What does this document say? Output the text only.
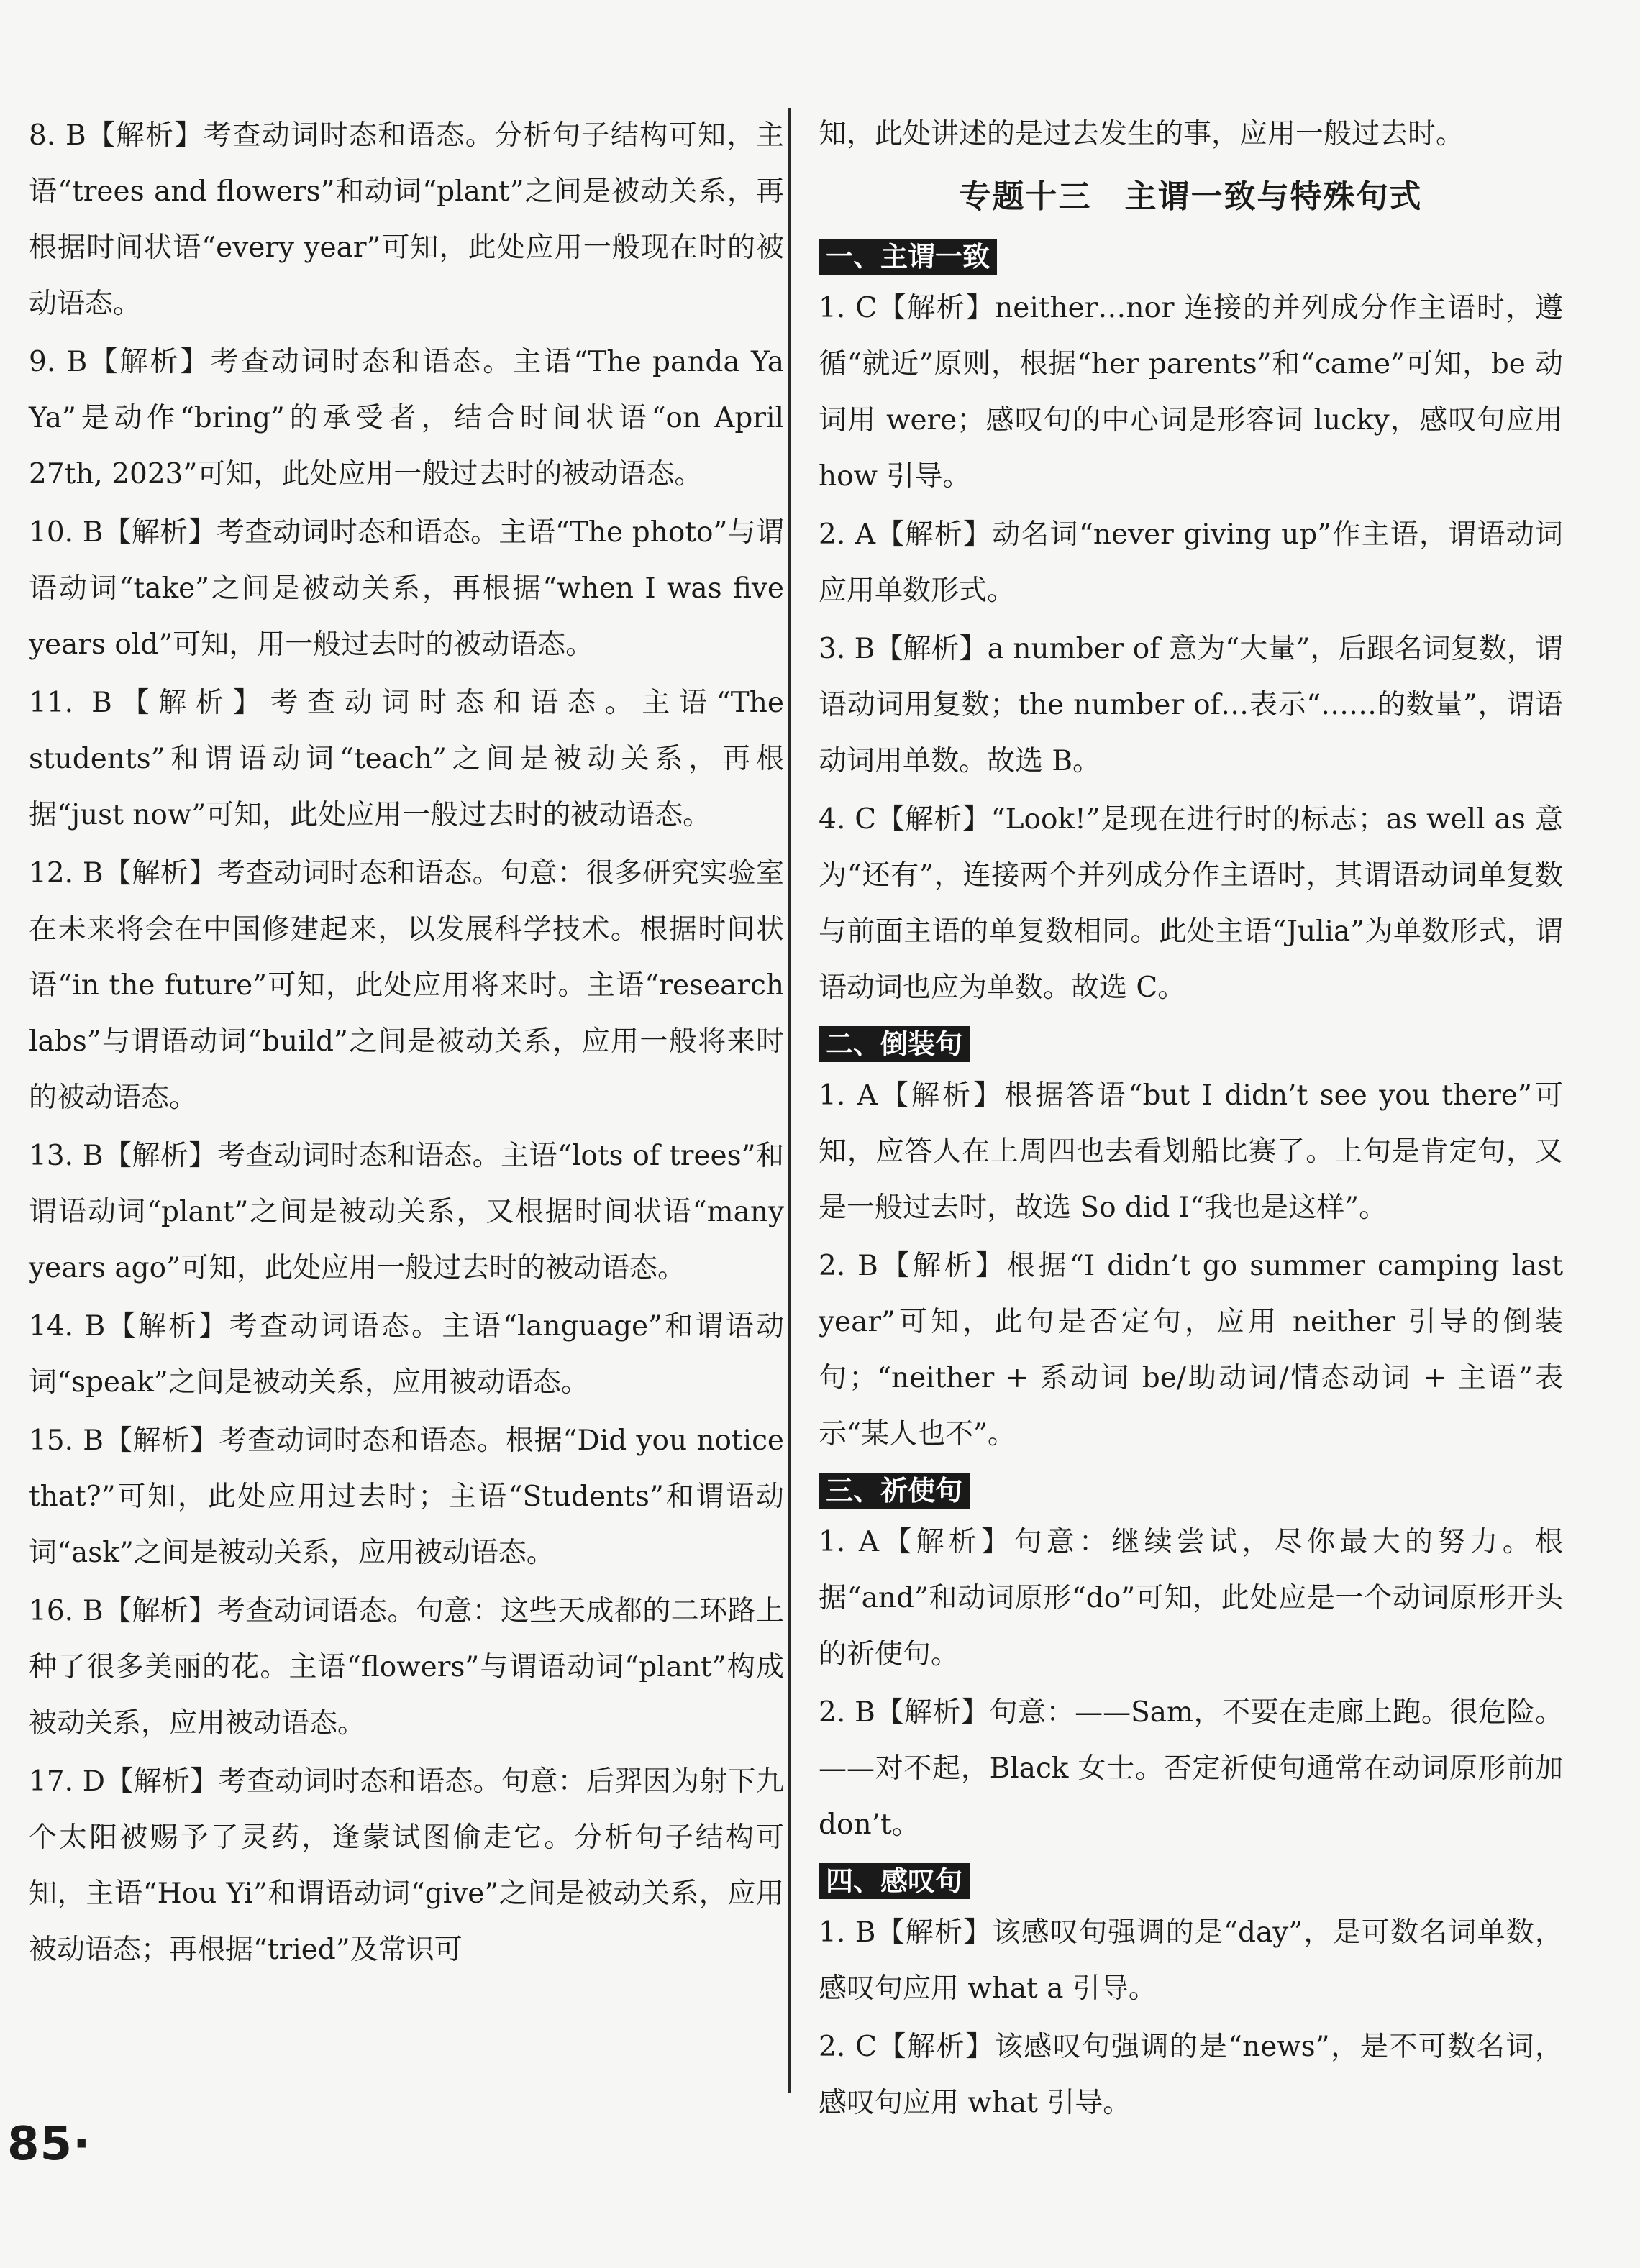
8. B【解析】考查动词时态和语态。分析句子结构可知，主语“trees and flowers”和动词“plant”之间是被动关系，再根据时间状语“every year”可知，此处应用一般现在时的被动语态。

9. B【解析】考查动词时态和语态。主语“The panda Ya Ya”是动作“bring”的承受者，结合时间状语“on April 27th, 2023”可知，此处应用一般过去时的被动语态。

10. B【解析】考查动词时态和语态。主语“The photo”与谓语动词“take”之间是被动关系，再根据“when I was five years old”可知，用一般过去时的被动语态。

11. B【解析】考查动词时态和语态。主语“The students”和谓语动词“teach”之间是被动关系，再根据“just now”可知，此处应用一般过去时的被动语态。

12. B【解析】考查动词时态和语态。句意：很多研究实验室在未来将会在中国修建起来，以发展科学技术。根据时间状语“in the future”可知，此处应用将来时。主语“research labs”与谓语动词“build”之间是被动关系，应用一般将来时的被动语态。

13. B【解析】考查动词时态和语态。主语“lots of trees”和谓语动词“plant”之间是被动关系，又根据时间状语“many years ago”可知，此处应用一般过去时的被动语态。

14. B【解析】考查动词语态。主语“language”和谓语动词“speak”之间是被动关系，应用被动语态。

15. B【解析】考查动词时态和语态。根据“Did you notice that?”可知，此处应用过去时；主语“Students”和谓语动词“ask”之间是被动关系，应用被动语态。

16. B【解析】考查动词语态。句意：这些天成都的二环路上种了很多美丽的花。主语“flowers”与谓语动词“plant”构成被动关系，应用被动语态。

17. D【解析】考查动词时态和语态。句意：后羿因为射下九个太阳被赐予了灵药，逢蒙试图偷走它。分析句子结构可知，主语“Hou Yi”和谓语动词“give”之间是被动关系，应用被动语态；再根据“tried”及常识可

知，此处讲述的是过去发生的事，应用一般过去时。

专题十三　主谓一致与特殊句式
一、主谓一致

1. C【解析】neither…nor 连接的并列成分作主语时，遵循“就近”原则，根据“her parents”和“came”可知，be 动词用 were；感叹句的中心词是形容词 lucky，感叹句应用 how 引导。

2. A【解析】动名词“never giving up”作主语，谓语动词应用单数形式。

3. B【解析】a number of 意为“大量”，后跟名词复数，谓语动词用复数；the number of…表示“……的数量”，谓语动词用单数。故选 B。

4. C【解析】“Look!”是现在进行时的标志；as well as 意为“还有”，连接两个并列成分作主语时，其谓语动词单复数与前面主语的单复数相同。此处主语“Julia”为单数形式，谓语动词也应为单数。故选 C。

二、倒装句

1. A【解析】根据答语“but I didn’t see you there”可知，应答人在上周四也去看划船比赛了。上句是肯定句，又是一般过去时，故选 So did I“我也是这样”。

2. B【解析】根据“I didn’t go summer camping last year”可知，此句是否定句，应用 neither 引导的倒装句；“neither + 系动词 be/助动词/情态动词 + 主语”表示“某人也不”。

三、祈使句

1. A【解析】句意：继续尝试，尽你最大的努力。根据“and”和动词原形“do”可知，此处应是一个动词原形开头的祈使句。

2. B【解析】句意：——Sam，不要在走廊上跑。很危险。——对不起，Black 女士。否定祈使句通常在动词原形前加 don’t。

四、感叹句

1. B【解析】该感叹句强调的是“day”，是可数名词单数，感叹句应用 what a 引导。

2. C【解析】该感叹句强调的是“news”，是不可数名词，感叹句应用 what 引导。

85·
